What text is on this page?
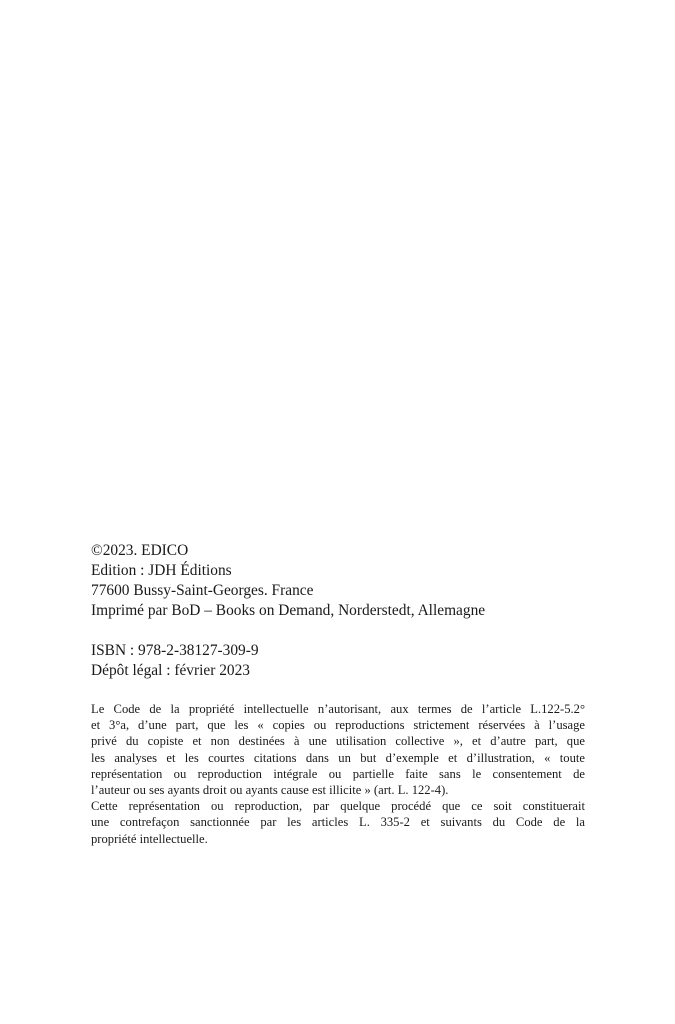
©2023. EDICO
Edition : JDH Éditions
77600 Bussy-Saint-Georges. France
Imprimé par BoD – Books on Demand, Norderstedt, Allemagne
ISBN : 978-2-38127-309-9
Dépôt légal : février 2023
Le Code de la propriété intellectuelle n’autorisant, aux termes de l’article L.122-5.2°
et 3°a, d’une part, que les « copies ou reproductions strictement réservées à l’usage
privé du copiste et non destinées à une utilisation collective », et d’autre part, que
les analyses et les courtes citations dans un but d’exemple et d’illustration, « toute
représentation ou reproduction intégrale ou partielle faite sans le consentement de
l’auteur ou ses ayants droit ou ayants cause est illicite » (art. L. 122-4).
Cette représentation ou reproduction, par quelque procédé que ce soit constituerait
une contrefaçon sanctionnée par les articles L. 335-2 et suivants du Code de la
propriété intellectuelle.
